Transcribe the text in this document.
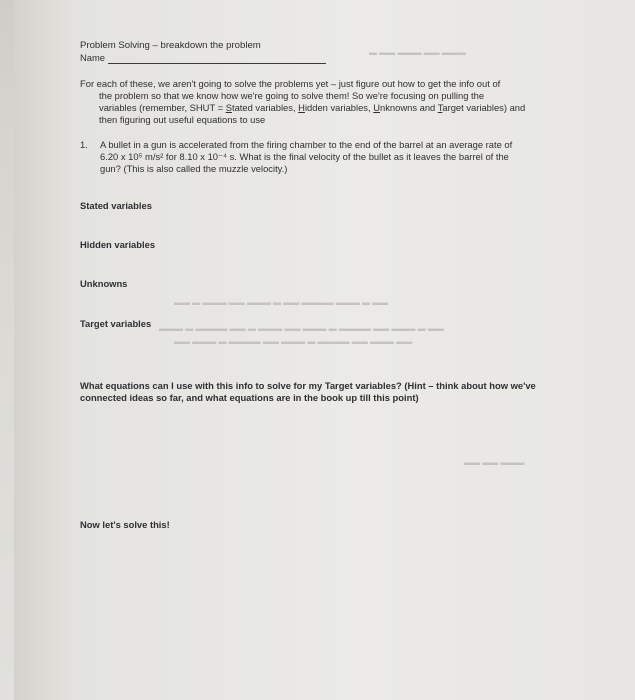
▬ ▬▬ ▬▬▬ ▬▬ ▬▬▬
▬▬ ▬ ▬▬▬ ▬▬ ▬▬▬ ▬ ▬▬ ▬▬▬▬ ▬▬▬ ▬ ▬▬
▬▬▬ ▬ ▬▬▬▬ ▬▬ ▬ ▬▬▬ ▬▬ ▬▬▬ ▬ ▬▬▬▬ ▬▬ ▬▬▬ ▬ ▬▬
▬▬ ▬▬▬ ▬ ▬▬▬▬ ▬▬ ▬▬▬ ▬ ▬▬▬▬ ▬▬ ▬▬▬ ▬▬
▬▬ ▬▬ ▬▬▬
Problem Solving – breakdown the problem
Name
For each of these, we aren't going to solve the problems yet – just figure out how to get the info out of
the problem so that we know how we're going to solve them! So we're focusing on pulling the
variables (remember, SHUT = Stated variables, Hidden variables, Unknowns and Target variables) and
then figuring out useful equations to use
1.	A bullet in a gun is accelerated from the firing chamber to the end of the barrel at an average rate of
6.20 x 10⁵ m/s² for 8.10 x 10⁻⁴ s. What is the final velocity of the bullet as it leaves the barrel of the
gun? (This is also called the muzzle velocity.)
Stated variables
Hidden variables
Unknowns
Target variables
What equations can I use with this info to solve for my Target variables? (Hint – think about how we've
connected ideas so far, and what equations are in the book up till this point)
Now let's solve this!
